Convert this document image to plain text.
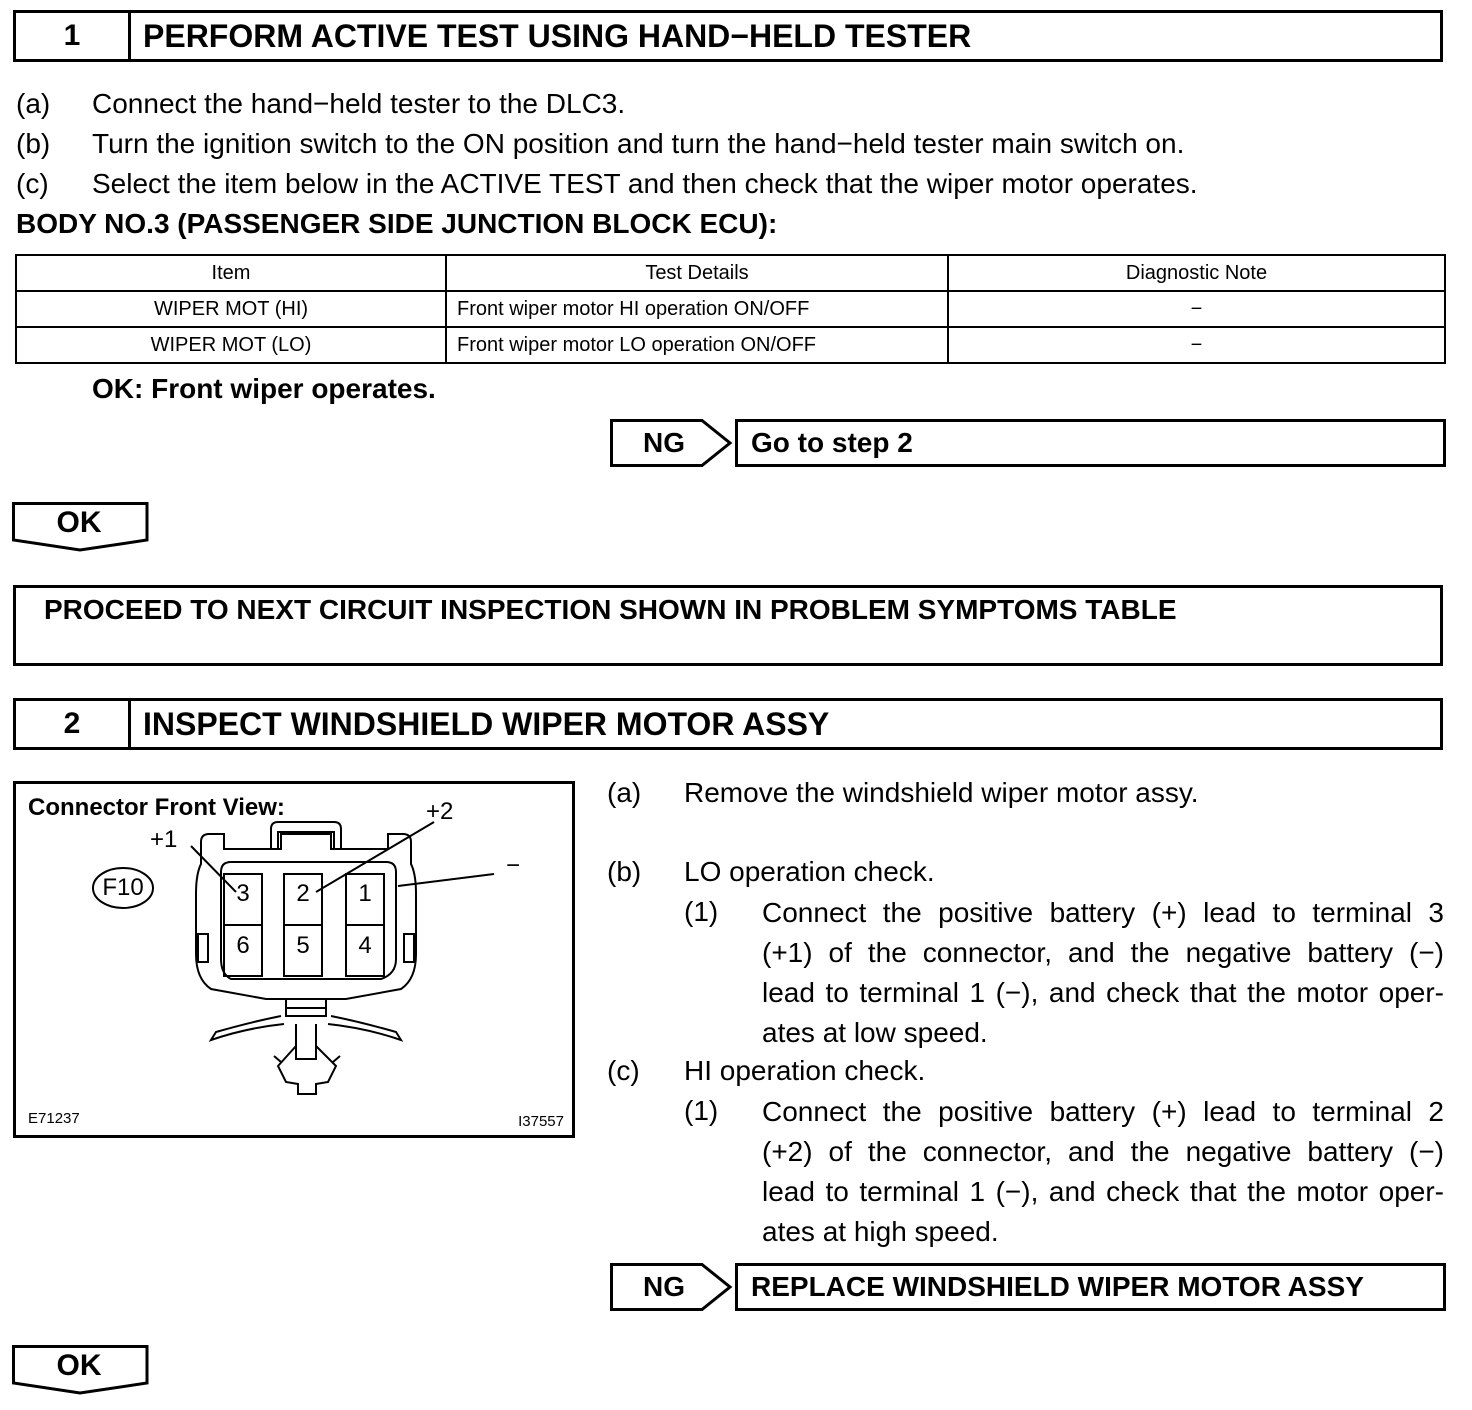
1	PERFORM ACTIVE TEST USING HAND−HELD TESTER
(a) Connect the hand−held tester to the DLC3.
(b) Turn the ignition switch to the ON position and turn the hand−held tester main switch on.
(c) Select the item below in the ACTIVE TEST and then check that the wiper motor operates.
BODY NO.3 (PASSENGER SIDE JUNCTION BLOCK ECU):
Item	Test Details	Diagnostic Note
WIPER MOT (HI)	Front wiper motor HI operation ON/OFF	−
WIPER MOT (LO)	Front wiper motor LO operation ON/OFF	−
OK: Front wiper operates.
NG	Go to step 2
OK
PROCEED TO NEXT CIRCUIT INSPECTION SHOWN IN PROBLEM SYMPTOMS TABLE
2	INSPECT WINDSHIELD WIPER MOTOR ASSY
Connector Front View:
F10
+1
+2
−
3	2	1
6	5	4
E71237	I37557
(a) Remove the windshield wiper motor assy.
(b) LO operation check.
(1) Connect the positive battery (+) lead to terminal 3
(+1) of the connector, and the negative battery (−)
lead to terminal 1 (−), and check that the motor oper-
ates at low speed.
(c) HI operation check.
(1) Connect the positive battery (+) lead to terminal 2
(+2) of the connector, and the negative battery (−)
lead to terminal 1 (−), and check that the motor oper-
ates at high speed.
NG	REPLACE WINDSHIELD WIPER MOTOR ASSY
OK
